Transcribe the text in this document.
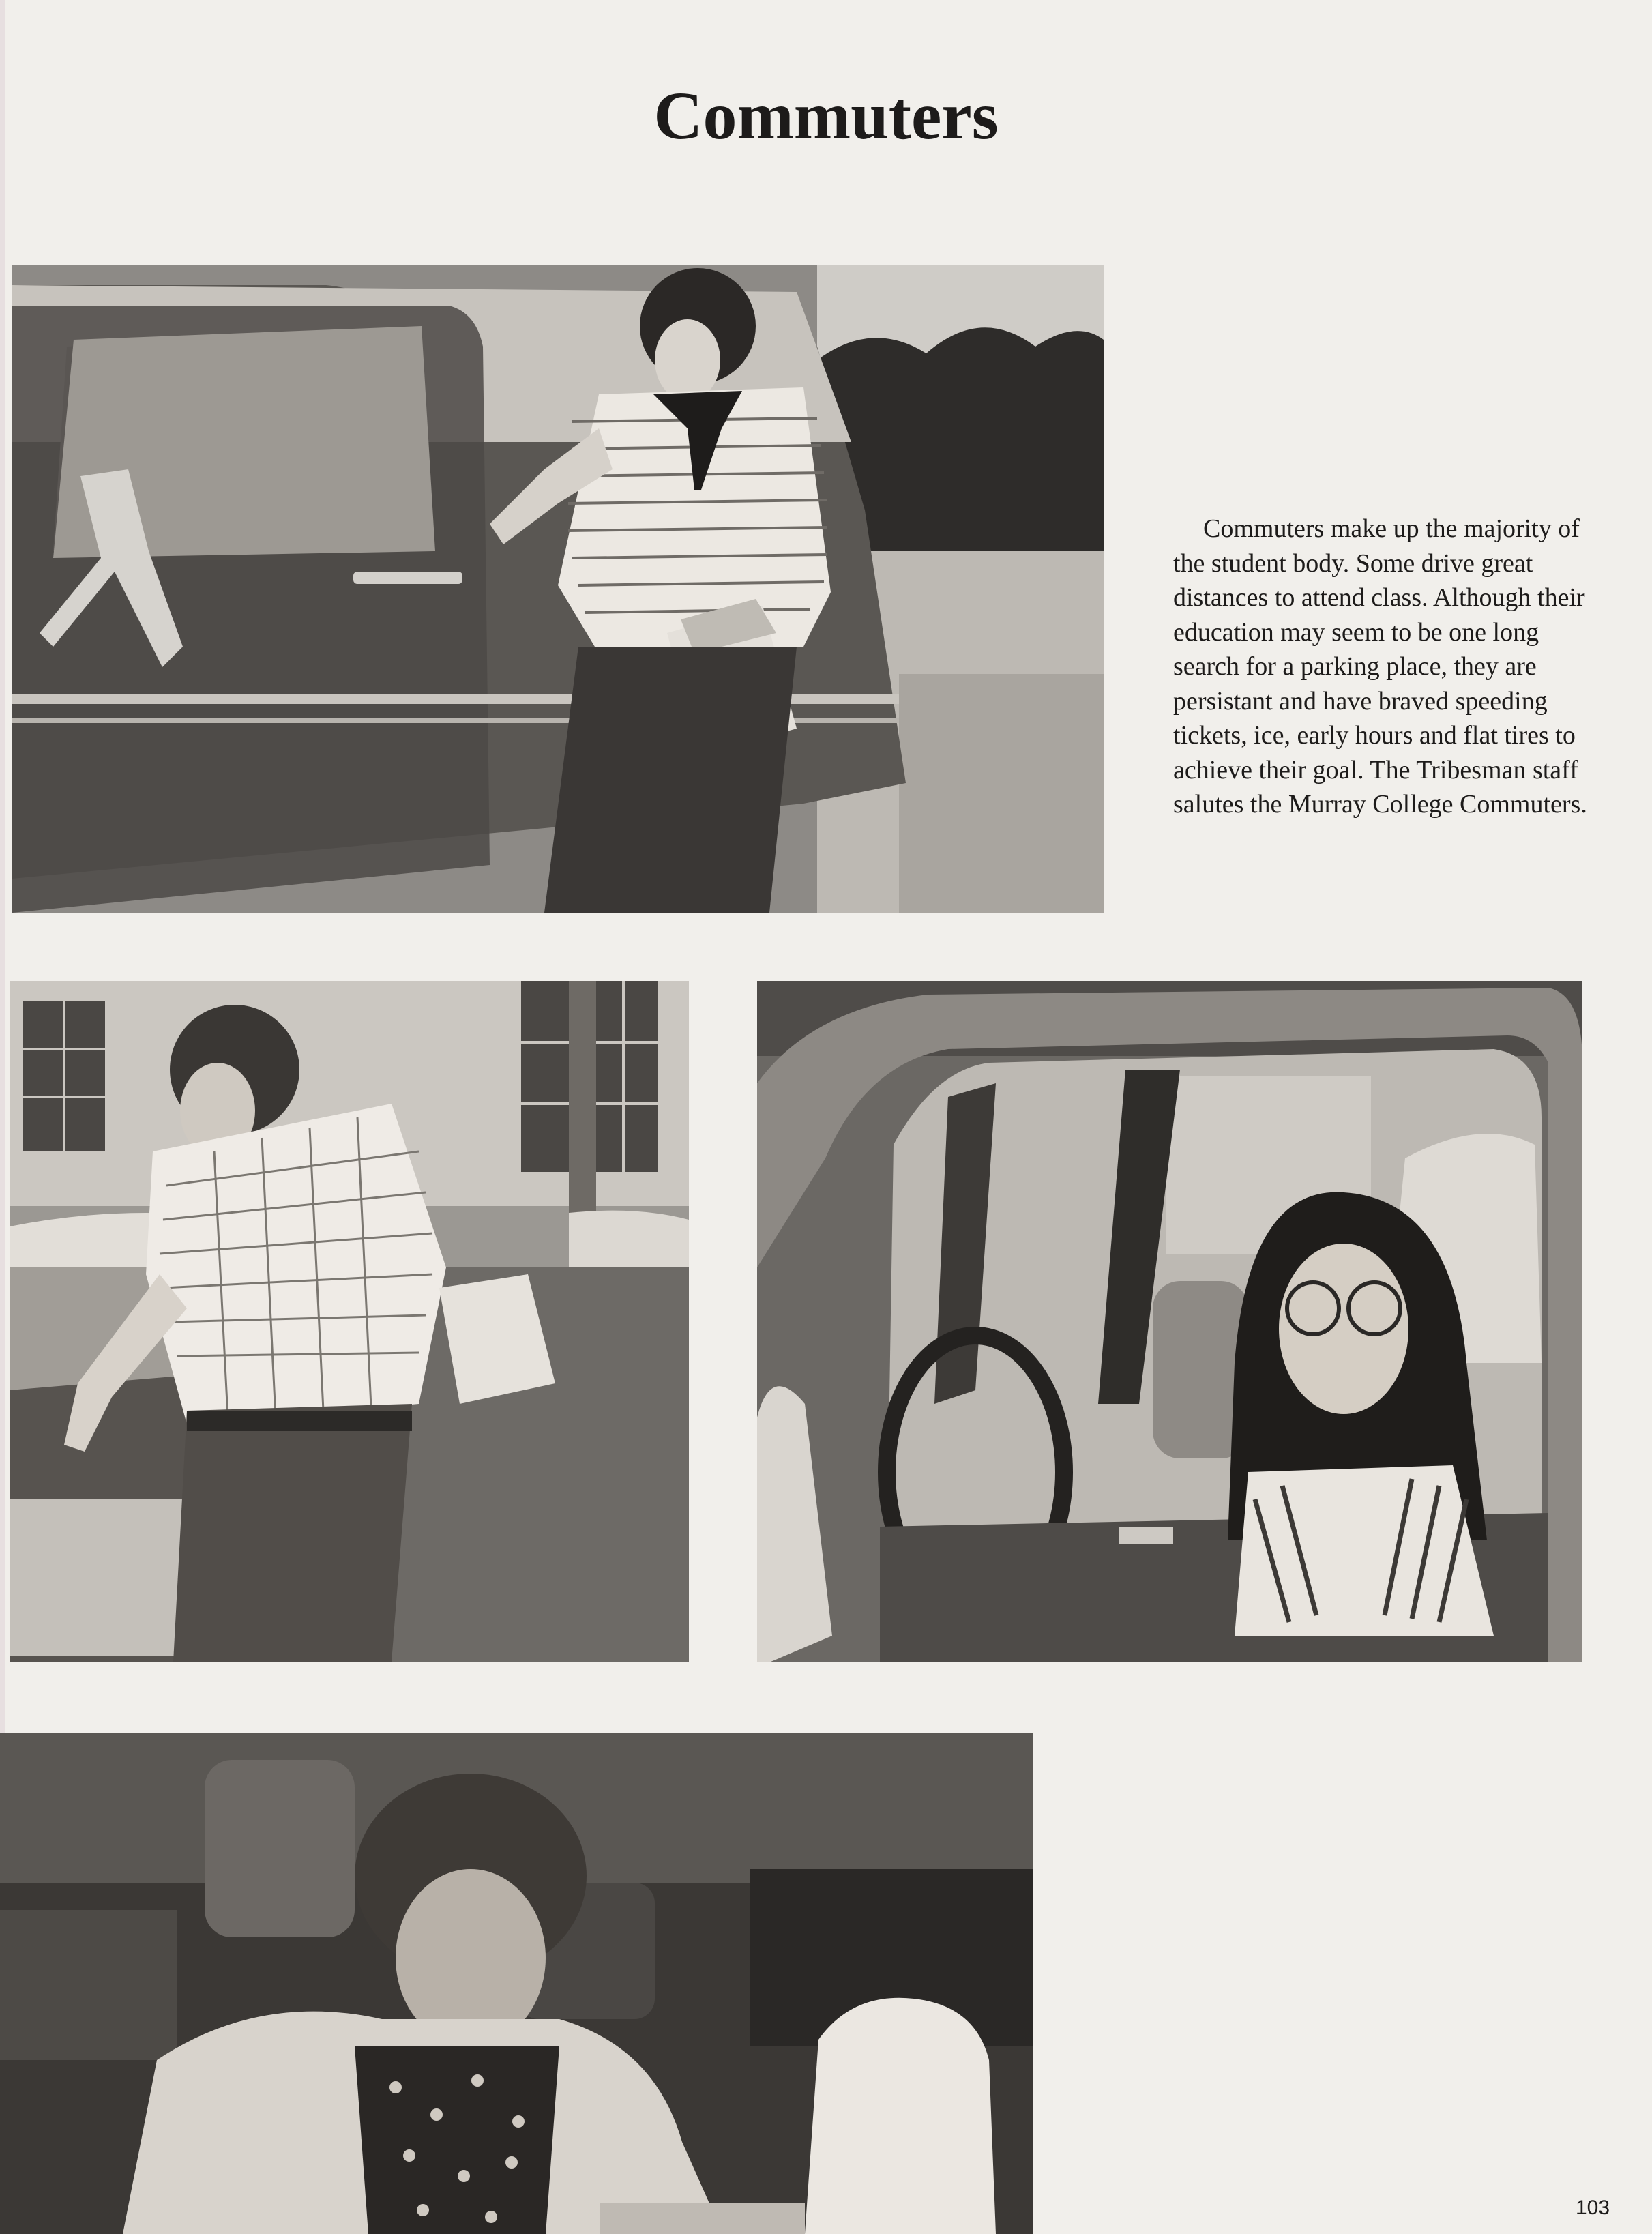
Commuters

Commuters make up the majority of the student body. Some drive great distances to attend class. Although their education may seem to be one long search for a parking place, they are persistant and have braved speeding tickets, ice, early hours and flat tires to achieve their goal. The Tribesman staff salutes the Murray College Commuters.

103
